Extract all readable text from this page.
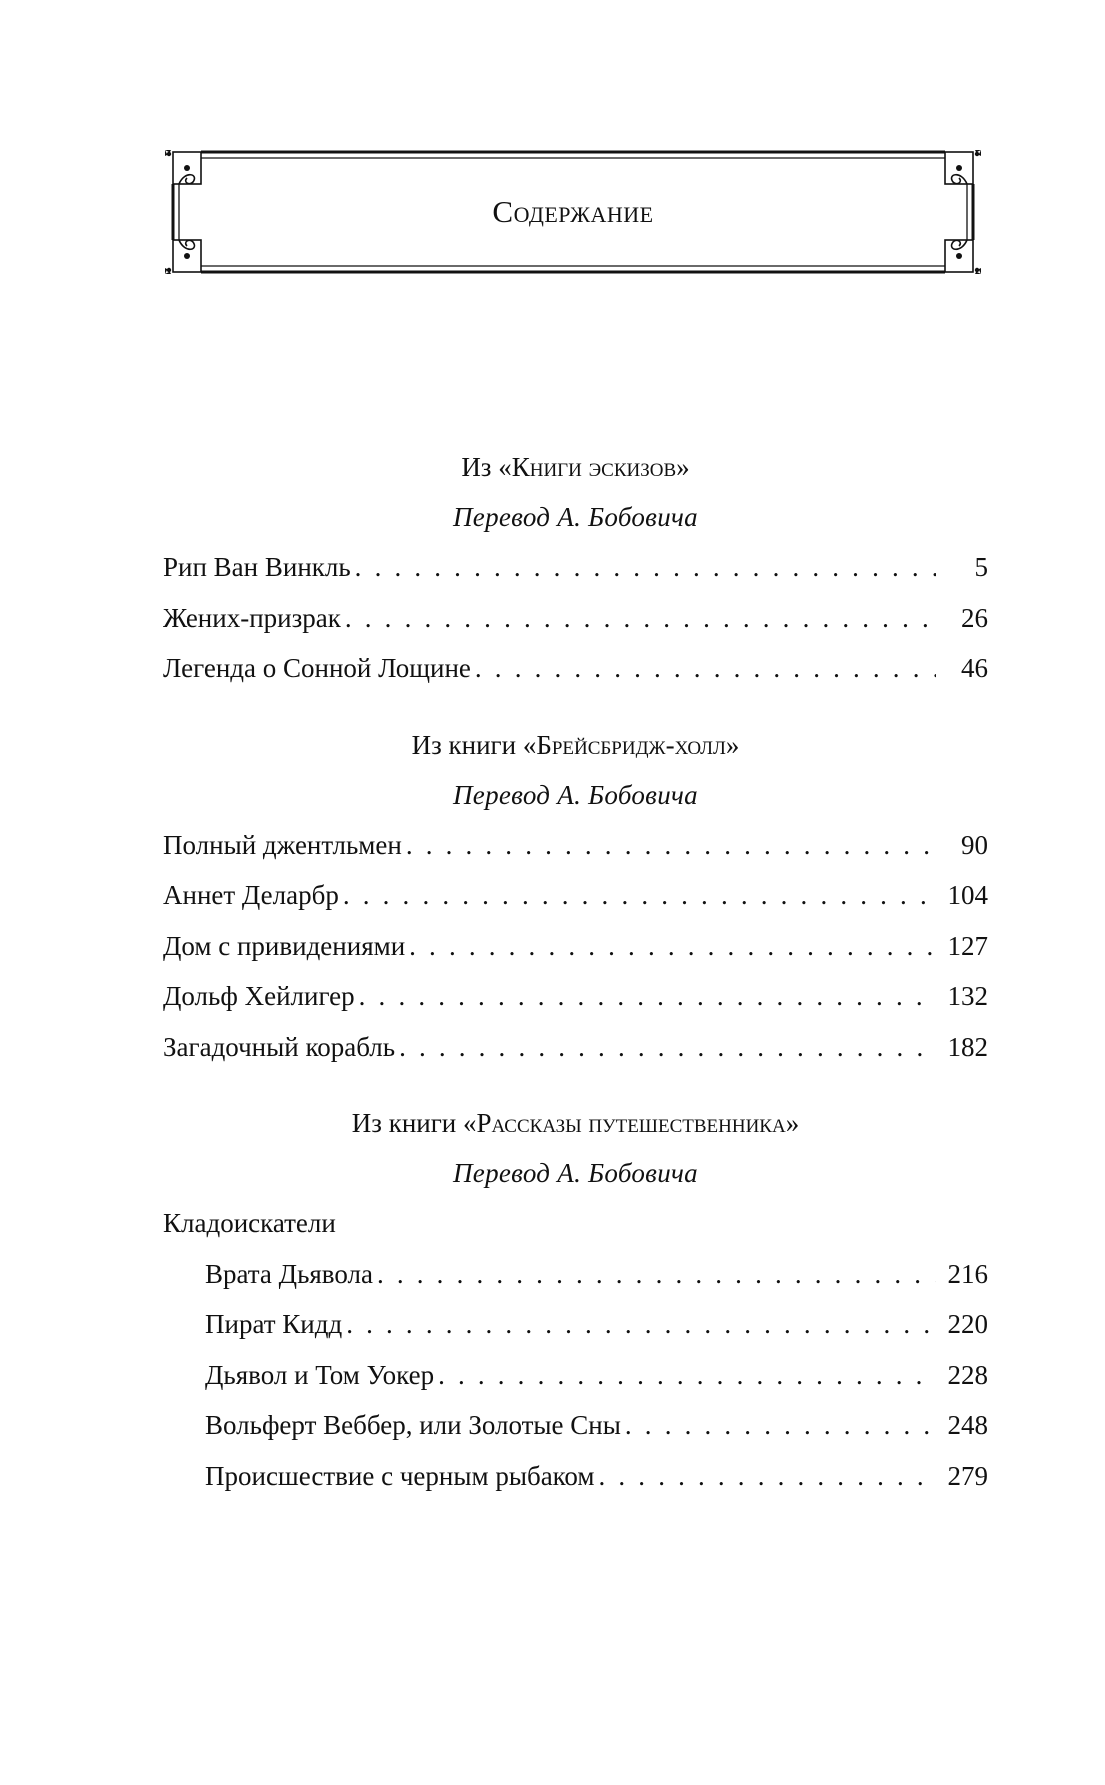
Содержание
Из «Книги эскизов»
Перевод А. Бобовича
Рип Ван Винкль . . .	5
Жених-призрак . . .	26
Легенда о Сонной Лощине . . .	46
Из книги «Брейсбридж-холл»
Перевод А. Бобовича
Полный джентльмен . . .	90
Аннет Деларбр . . .	104
Дом с привидениями . . .	127
Дольф Хейлигер . . .	132
Загадочный корабль . . .	182
Из книги «Рассказы путешественника»
Перевод А. Бобовича
Кладоискатели
Врата Дьявола . . .	216
Пират Кидд . . .	220
Дьявол и Том Уокер . . .	228
Вольферт Веббер, или Золотые Сны . . .	248
Происшествие с черным рыбаком . . .	279
